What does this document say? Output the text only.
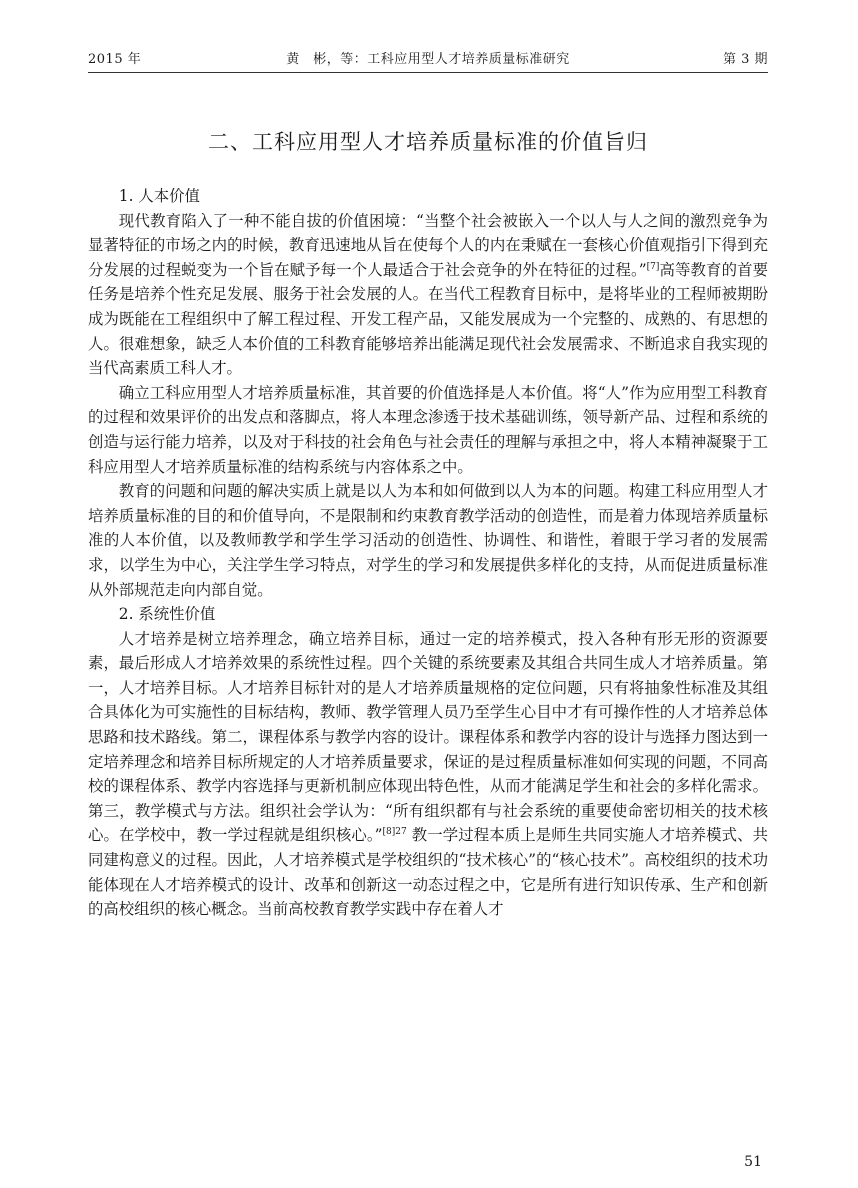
2015 年	黄　彬，等：工科应用型人才培养质量标准研究	第 3 期
二、工科应用型人才培养质量标准的价值旨归

1. 人本价值

现代教育陷入了一种不能自拔的价值困境：“当整个社会被嵌入一个以人与人之间的激烈竞争为显著特征的市场之内的时候，教育迅速地从旨在使每个人的内在秉赋在一套核心价值观指引下得到充分发展的过程蜕变为一个旨在赋予每一个人最适合于社会竞争的外在特征的过程。”[7]高等教育的首要任务是培养个性充足发展、服务于社会发展的人。在当代工程教育目标中，是将毕业的工程师被期盼成为既能在工程组织中了解工程过程、开发工程产品，又能发展成为一个完整的、成熟的、有思想的人。很难想象，缺乏人本价值的工科教育能够培养出能满足现代社会发展需求、不断追求自我实现的当代高素质工科人才。

确立工科应用型人才培养质量标准，其首要的价值选择是人本价值。将“人”作为应用型工科教育的过程和效果评价的出发点和落脚点，将人本理念渗透于技术基础训练，领导新产品、过程和系统的创造与运行能力培养，以及对于科技的社会角色与社会责任的理解与承担之中，将人本精神凝聚于工科应用型人才培养质量标准的结构系统与内容体系之中。

教育的问题和问题的解决实质上就是以人为本和如何做到以人为本的问题。构建工科应用型人才培养质量标准的目的和价值导向，不是限制和约束教育教学活动的创造性，而是着力体现培养质量标准的人本价值，以及教师教学和学生学习活动的创造性、协调性、和谐性，着眼于学习者的发展需求，以学生为中心，关注学生学习特点，对学生的学习和发展提供多样化的支持，从而促进质量标准从外部规范走向内部自觉。

2. 系统性价值

人才培养是树立培养理念，确立培养目标，通过一定的培养模式，投入各种有形无形的资源要素，最后形成人才培养效果的系统性过程。四个关键的系统要素及其组合共同生成人才培养质量。第一，人才培养目标。人才培养目标针对的是人才培养质量规格的定位问题，只有将抽象性标准及其组合具体化为可实施性的目标结构，教师、教学管理人员乃至学生心目中才有可操作性的人才培养总体思路和技术路线。第二，课程体系与教学内容的设计。课程体系和教学内容的设计与选择力图达到一定培养理念和培养目标所规定的人才培养质量要求，保证的是过程质量标准如何实现的问题，不同高校的课程体系、教学内容选择与更新机制应体现出特色性，从而才能满足学生和社会的多样化需求。第三，教学模式与方法。组织社会学认为：“所有组织都有与社会系统的重要使命密切相关的技术核心。在学校中，教一学过程就是组织核心。”$^{[8]27}$ 教一学过程本质上是师生共同实施人才培养模式、共同建构意义的过程。因此，人才培养模式是学校组织的“技术核心”的“核心技术”。高校组织的技术功能体现在人才培养模式的设计、改革和创新这一动态过程之中，它是所有进行知识传承、生产和创新的高校组织的核心概念。当前高校教育教学实践中存在着人才

51
